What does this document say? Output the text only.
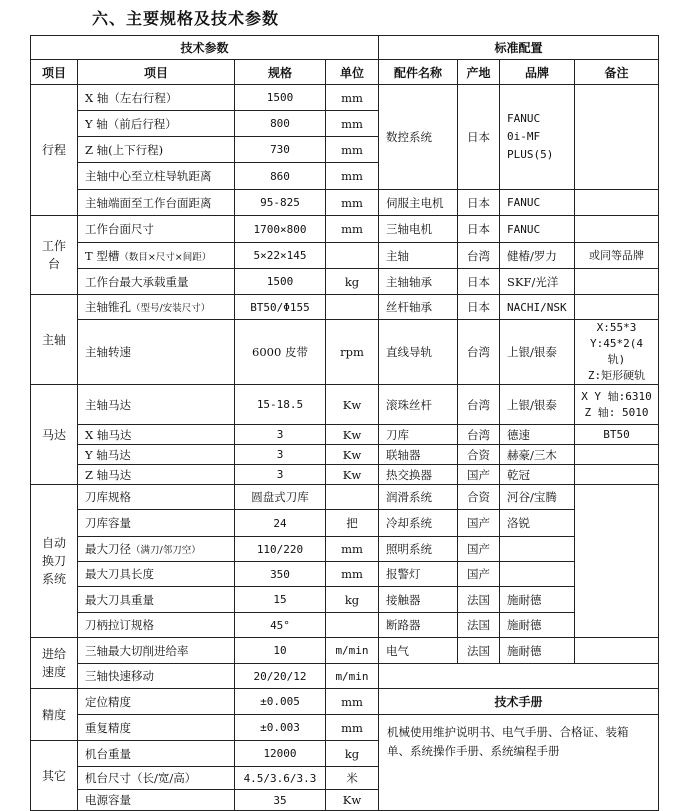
六、主要规格及技术参数
技术参数				标准配置			
项目	项目	规格	单位	配件名称	产地	品牌	备注
行程	X 轴（左右行程）	1500	mm	数控系统	日本	FANUC
0i-MF
PLUS(5)	

	Y 轴（前后行程）	800	mm				
	Z 轴(上下行程)	730	mm				
	主轴中心至立柱导轨距离	860	mm				
	主轴端面至工作台面距离	95-825	mm	伺服主电机	日本	FANUC	
工作台	工作台面尺寸	1700×800	mm	三轴电机	日本	FANUC	
	T 型槽（数目×尺寸×间距）	5×22×145		主轴	台湾	健椿/罗力	或同等品牌
	工作台最大承载重量	1500	kg	主轴轴承	日本	SKF/光洋	
主轴	主轴锥孔（型号/安装尺寸）	BT50/Φ155		丝杆轴承	日本	NACHI/NSK	
	主轴转速	6000 皮带	rpm	直线导轨	台湾	上银/银泰	X:55*3
Y:45*2(4 轨)
Z:矩形硬轨

马达	主轴马达	15-18.5	Kw	滚珠丝杆	台湾	上银/银泰	X Y 轴:6310
Z 轴: 5010

	X 轴马达	3	Kw	刀库	台湾	德速	BT50
	Y 轴马达	3	Kw	联轴器	合资	赫豪/三木	
	Z 轴马达	3	Kw	热交换器	国产	乾冠	
自动换刀系统	刀库规格	圆盘式刀库		润滑系统	合资	河谷/宝腾	
	刀库容量	24	把	冷却系统	国产	洛锐	
	最大刀径（满刀/邻刀空）	110/220	mm	照明系统	国产		
	最大刀具长度	350	mm	报警灯	国产		
	最大刀具重量	15	kg	接触器	法国	施耐德	
	刀柄拉订规格	45°		断路器	法国	施耐德	
进给速度	三轴最大切削进给率	10	m/min	电气	法国	施耐德	
	三轴快速移动	20/20/12	m/min				
精度	定位精度	±0.005	mm	技术手册			
	重复精度	±0.003	mm	机械使用维护说明书、电气手册、合格证、装箱单、系统操作手册、系统编程手册			
其它	机台重量	12000	kg				
	机台尺寸（长/宽/高）	4.5/3.6/3.3	米				
	电源容量	35	Kw				
